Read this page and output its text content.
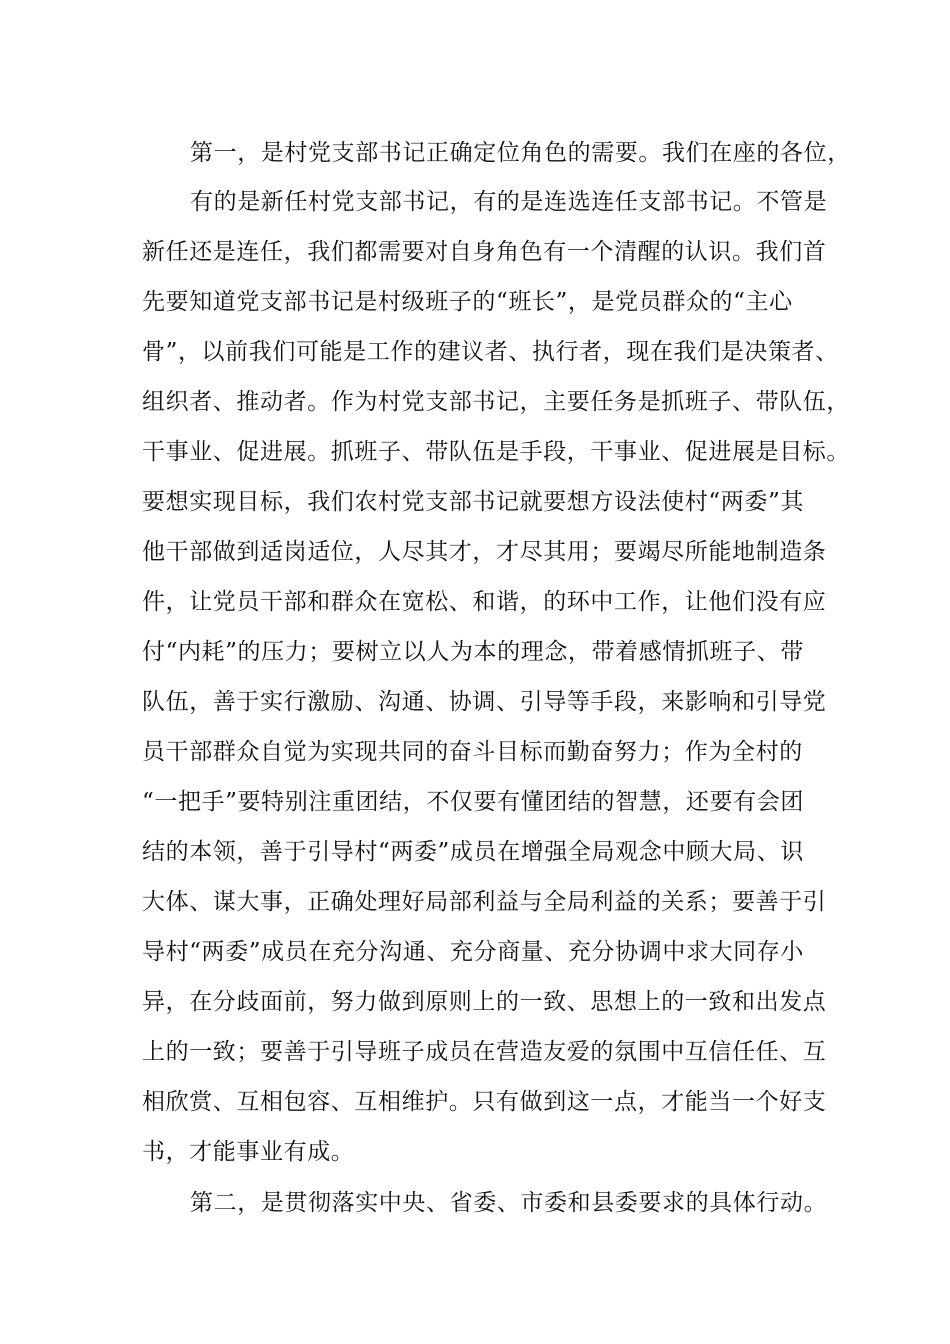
第一，是村党支部书记正确定位角色的需要。我们在座的各位，
有的是新任村党支部书记，有的是连选连任支部书记。不管是
新任还是连任，我们都需要对自身角色有一个清醒的认识。我们首
先要知道党支部书记是村级班子的“班长”，是党员群众的“主心
骨”，以前我们可能是工作的建议者、执行者，现在我们是决策者、
组织者、推动者。作为村党支部书记，主要任务是抓班子、带队伍，
干事业、促进展。抓班子、带队伍是手段，干事业、促进展是目标。
要想实现目标，我们农村党支部书记就要想方设法使村“两委”其
他干部做到适岗适位，人尽其才，才尽其用；要竭尽所能地制造条
件，让党员干部和群众在宽松、和谐，的环中工作，让他们没有应
付“内耗”的压力；要树立以人为本的理念，带着感情抓班子、带
队伍，善于实行激励、沟通、协调、引导等手段，来影响和引导党
员干部群众自觉为实现共同的奋斗目标而勤奋努力；作为全村的
“一把手”要特别注重团结，不仅要有懂团结的智慧，还要有会团
结的本领，善于引导村“两委”成员在增强全局观念中顾大局、识
大体、谋大事，正确处理好局部利益与全局利益的关系；要善于引
导村“两委”成员在充分沟通、充分商量、充分协调中求大同存小
异，在分歧面前，努力做到原则上的一致、思想上的一致和出发点
上的一致；要善于引导班子成员在营造友爱的氛围中互信任任、互
相欣赏、互相包容、互相维护。只有做到这一点，才能当一个好支
书，才能事业有成。
第二，是贯彻落实中央、省委、市委和县委要求的具体行动。
